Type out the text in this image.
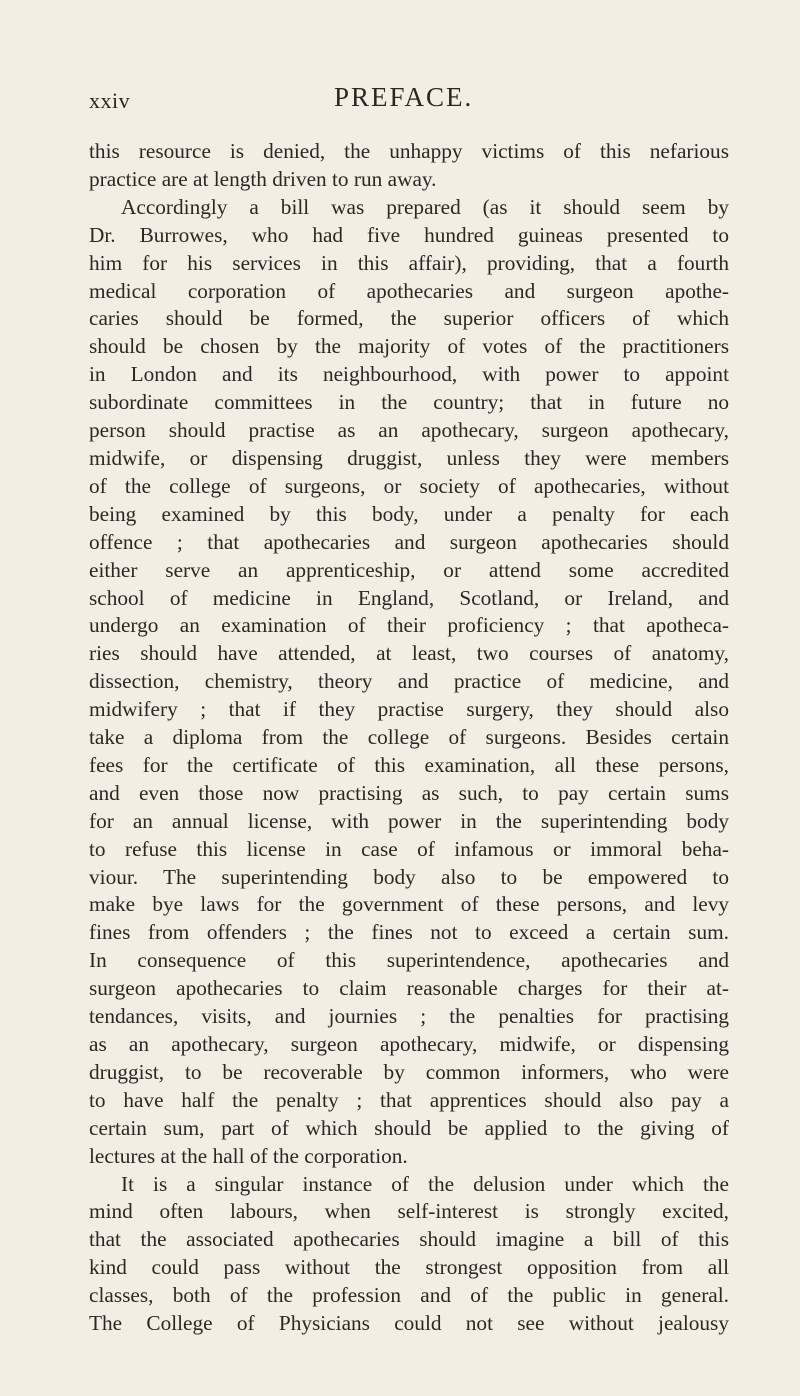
xxiv	PREFACE.
this resource is denied, the unhappy victims of this nefarious
practice are at length driven to run away.
Accordingly a bill was prepared (as it should seem by
Dr. Burrowes, who had five hundred guineas presented to
him for his services in this affair), providing, that a fourth
medical corporation of apothecaries and surgeon apothe-
caries should be formed, the superior officers of which
should be chosen by the majority of votes of the practitioners
in London and its neighbourhood, with power to appoint
subordinate committees in the country; that in future no
person should practise as an apothecary, surgeon apothecary,
midwife, or dispensing druggist, unless they were members
of the college of surgeons, or society of apothecaries, without
being examined by this body, under a penalty for each
offence ; that apothecaries and surgeon apothecaries should
either serve an apprenticeship, or attend some accredited
school of medicine in England, Scotland, or Ireland, and
undergo an examination of their proficiency ; that apotheca-
ries should have attended, at least, two courses of anatomy,
dissection, chemistry, theory and practice of medicine, and
midwifery ; that if they practise surgery, they should also
take a diploma from the college of surgeons. Besides certain
fees for the certificate of this examination, all these persons,
and even those now practising as such, to pay certain sums
for an annual license, with power in the superintending body
to refuse this license in case of infamous or immoral beha-
viour. The superintending body also to be empowered to
make bye laws for the government of these persons, and levy
fines from offenders ; the fines not to exceed a certain sum.
In consequence of this superintendence, apothecaries and
surgeon apothecaries to claim reasonable charges for their at-
tendances, visits, and journies ; the penalties for practising
as an apothecary, surgeon apothecary, midwife, or dispensing
druggist, to be recoverable by common informers, who were
to have half the penalty ; that apprentices should also pay a
certain sum, part of which should be applied to the giving of
lectures at the hall of the corporation.
It is a singular instance of the delusion under which the
mind often labours, when self-interest is strongly excited,
that the associated apothecaries should imagine a bill of this
kind could pass without the strongest opposition from all
classes, both of the profession and of the public in general.
The College of Physicians could not see without jealousy
